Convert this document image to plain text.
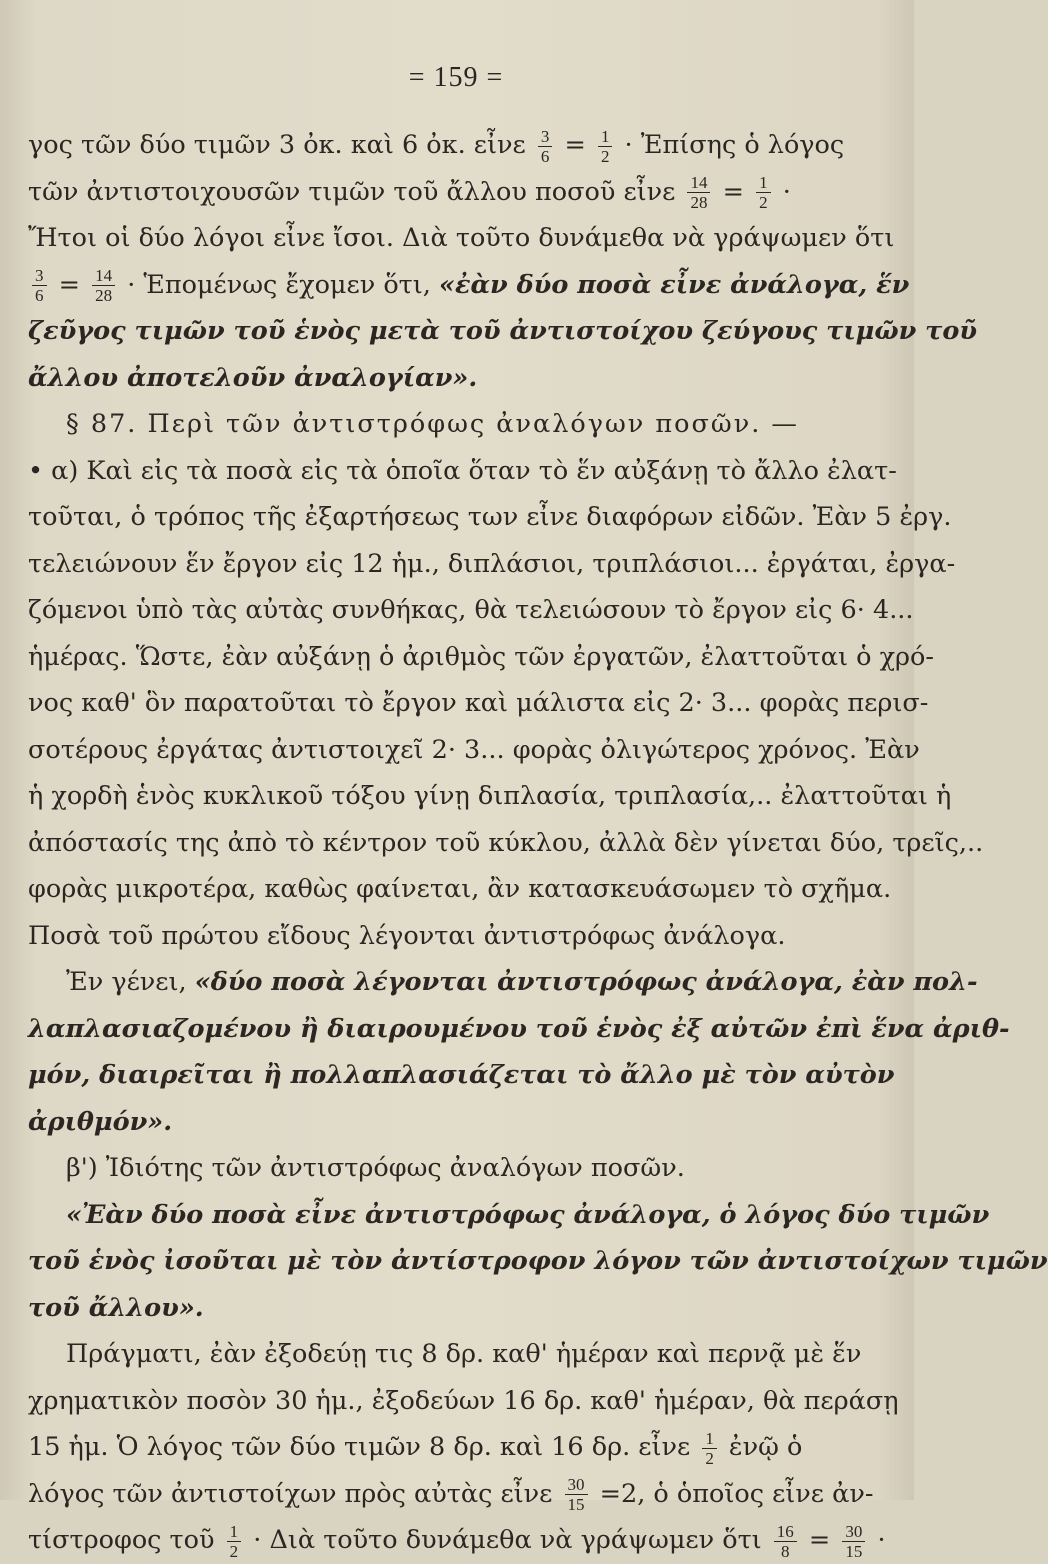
= 159 =
γος τῶν δύο τιμῶν 3 ὀκ. καὶ 6 ὀκ. εἶνε $\frac{3}{6} = \frac{1}{2}$ · Ἐπίσης ὁ λόγος
τῶν ἀντιστοιχουσῶν τιμῶν τοῦ ἄλλου ποσοῦ εἶνε $\frac{14}{28} = \frac{1}{2}$ ·
Ἤτοι οἱ δύο λόγοι εἶνε ἴσοι. Διὰ τοῦτο δυνάμεθα νὰ γράψωμεν ὅτι
$\frac{3}{6} = \frac{14}{28}$ · Ἑπομένως ἔχομεν ὅτι, «ἐὰν δύο ποσὰ εἶνε ἀνάλογα, ἕν
ζεῦγος τιμῶν τοῦ ἑνὸς μετὰ τοῦ ἀντιστοίχου ζεύγους τιμῶν τοῦ
ἄλλου ἀποτελοῦν ἀναλογίαν».
§ 87. Περὶ τῶν ἀντιστρόφως ἀναλόγων ποσῶν. —
• α) Καὶ εἰς τὰ ποσὰ εἰς τὰ ὁποῖα ὅταν τὸ ἕν αὐξάνῃ τὸ ἄλλο ἐλατ-
τοῦται, ὁ τρόπος τῆς ἐξαρτήσεως των εἶνε διαφόρων εἰδῶν. Ἐὰν 5 ἐργ.
τελειώνουν ἕν ἔργον εἰς 12 ἡμ., διπλάσιοι, τριπλάσιοι... ἐργάται, ἐργα-
ζόμενοι ὑπὸ τὰς αὐτὰς συνθήκας, θὰ τελειώσουν τὸ ἔργον εἰς 6· 4...
ἡμέρας. Ὥστε, ἐὰν αὐξάνῃ ὁ ἀριθμὸς τῶν ἐργατῶν, ἐλαττοῦται ὁ χρό-
νος καθ' ὃν παρατοῦται τὸ ἔργον καὶ μάλιστα εἰς 2· 3... φορὰς περισ-
σοτέρους ἐργάτας ἀντιστοιχεῖ 2· 3... φορὰς ὀλιγώτερος χρόνος. Ἐὰν
ἡ χορδὴ ἑνὸς κυκλικοῦ τόξου γίνῃ διπλασία, τριπλασία,.. ἐλαττοῦται ἡ
ἀπόστασίς της ἀπὸ τὸ κέντρον τοῦ κύκλου, ἀλλὰ δὲν γίνεται δύο, τρεῖς,..
φορὰς μικροτέρα, καθὼς φαίνεται, ἂν κατασκευάσωμεν τὸ σχῆμα.
Ποσὰ τοῦ πρώτου εἴδους λέγονται ἀντιστρόφως ἀνάλογα.
Ἐν γένει, «δύο ποσὰ λέγονται ἀντιστρόφως ἀνάλογα, ἐὰν πολ-
λαπλασιαζομένου ἢ διαιρουμένου τοῦ ἑνὸς ἐξ αὐτῶν ἐπὶ ἕνα ἀριθ-
μόν, διαιρεῖται ἢ πολλαπλασιάζεται τὸ ἄλλο μὲ τὸν αὐτὸν
ἀριθμόν».
β') Ἰδιότης τῶν ἀντιστρόφως ἀναλόγων ποσῶν.
«Ἐὰν δύο ποσὰ εἶνε ἀντιστρόφως ἀνάλογα, ὁ λόγος δύο τιμῶν
τοῦ ἑνὸς ἰσοῦται μὲ τὸν ἀντίστροφον λόγον τῶν ἀντιστοίχων τιμῶν
τοῦ ἄλλου».
Πράγματι, ἐὰν ἐξοδεύῃ τις 8 δρ. καθ' ἡμέραν καὶ περνᾷ μὲ ἕν
χρηματικὸν ποσὸν 30 ἡμ., ἐξοδεύων 16 δρ. καθ' ἡμέραν, θὰ περάσῃ
15 ἡμ. Ὁ λόγος τῶν δύο τιμῶν 8 δρ. καὶ 16 δρ. εἶνε $\frac{1}{2}$ ἐνῷ ὁ
λόγος τῶν ἀντιστοίχων πρὸς αὐτὰς εἶνε $\frac{30}{15} =2$, ὁ ὁποῖος εἶνε ἀν-
τίστροφος τοῦ $\frac{1}{2}$ · Διὰ τοῦτο δυνάμεθα νὰ γράψωμεν ὅτι $\frac{16}{8} = \frac{30}{15}$ ·
